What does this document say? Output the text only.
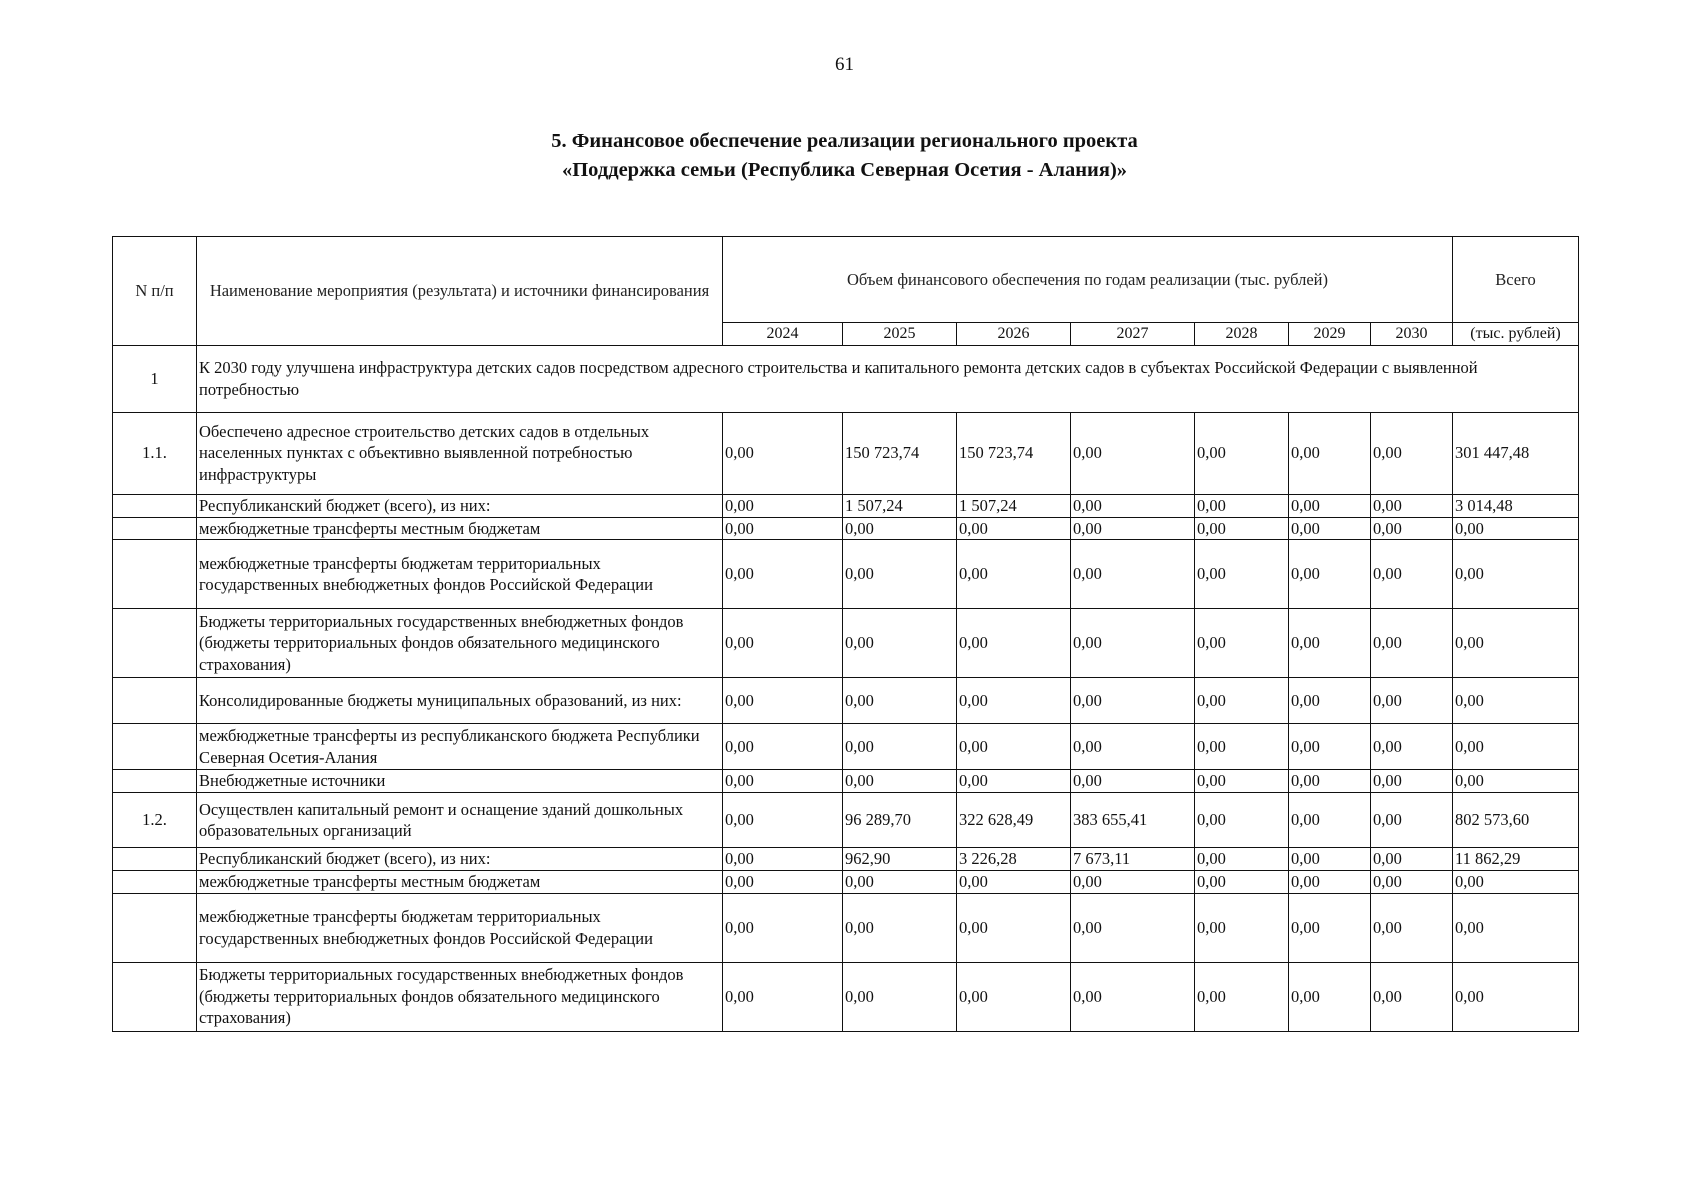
61
5. Финансовое обеспечение реализации регионального проекта
«Поддержка семьи (Республика Северная Осетия - Алания)»
N п/п	Наименование мероприятия (результата) и источники финансирования	Объем финансового обеспечения по годам реализации (тыс. рублей)							Всего
		2024	2025	2026	2027	2028	2029	2030	(тыс. рублей)
1	К 2030 году улучшена инфраструктура детских садов посредством адресного строительства и капитального ремонта детских садов в субъектах Российской Федерации с выявленной потребностью								
1.1.	Обеспечено адресное строительство детских садов в отдельных населенных пунктах с объективно выявленной потребностью инфраструктуры	0,00	150 723,74	150 723,74	0,00	0,00	0,00	0,00	301 447,48
	Республиканский бюджет (всего), из них:	0,00	1 507,24	1 507,24	0,00	0,00	0,00	0,00	3 014,48
	межбюджетные трансферты местным бюджетам	0,00	0,00	0,00	0,00	0,00	0,00	0,00	0,00
	межбюджетные трансферты бюджетам территориальных государственных внебюджетных фондов Российской Федерации	0,00	0,00	0,00	0,00	0,00	0,00	0,00	0,00
	Бюджеты территориальных государственных внебюджетных фондов (бюджеты территориальных фондов обязательного медицинского страхования)	0,00	0,00	0,00	0,00	0,00	0,00	0,00	0,00
	Консолидированные бюджеты муниципальных образований, из них:	0,00	0,00	0,00	0,00	0,00	0,00	0,00	0,00
	межбюджетные трансферты из республиканского бюджета Республики Северная Осетия-Алания	0,00	0,00	0,00	0,00	0,00	0,00	0,00	0,00
	Внебюджетные источники	0,00	0,00	0,00	0,00	0,00	0,00	0,00	0,00
1.2.	Осуществлен капитальный ремонт и оснащение зданий дошкольных образовательных организаций	0,00	96 289,70	322 628,49	383 655,41	0,00	0,00	0,00	802 573,60
	Республиканский бюджет (всего), из них:	0,00	962,90	3 226,28	7 673,11	0,00	0,00	0,00	11 862,29
	межбюджетные трансферты местным бюджетам	0,00	0,00	0,00	0,00	0,00	0,00	0,00	0,00
	межбюджетные трансферты бюджетам территориальных государственных внебюджетных фондов Российской Федерации	0,00	0,00	0,00	0,00	0,00	0,00	0,00	0,00
	Бюджеты территориальных государственных внебюджетных фондов (бюджеты территориальных фондов обязательного медицинского страхования)	0,00	0,00	0,00	0,00	0,00	0,00	0,00	0,00
